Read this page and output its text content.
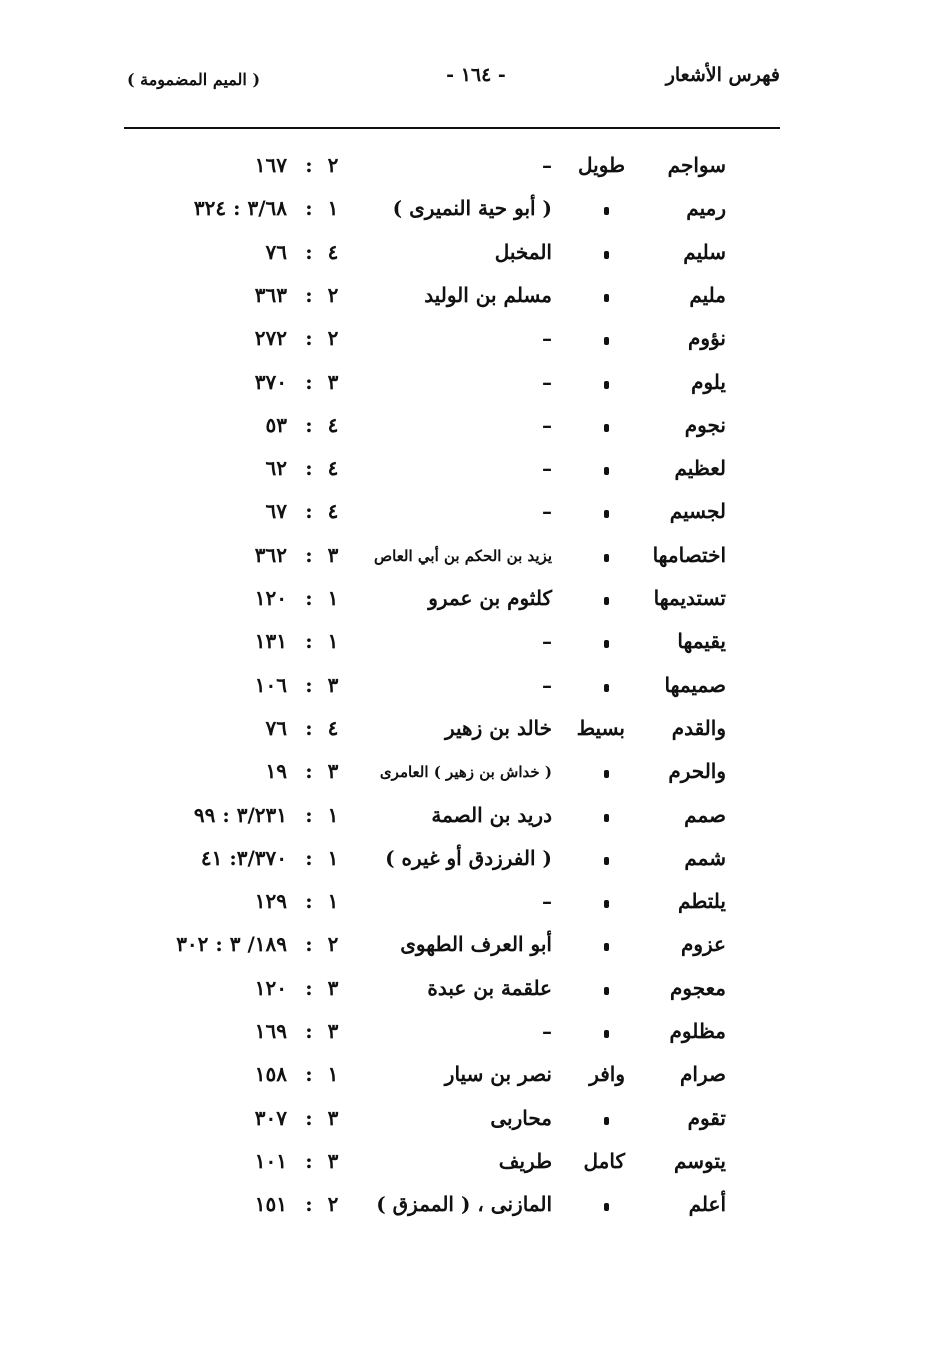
فهرس الأشعار
- ١٦٤ -
( الميم المضمومة )
سواجم
طويل
–
٢
:
١٦٧
رميم
( أبو حية النميرى )
١
:
٣/٦٨ : ٣٢٤
سليم
المخبل
٤
:
٧٦
مليم
مسلم بن الوليد
٢
:
٣٦٣
نؤوم
–
٢
:
٢٧٢
يلوم
–
٣
:
٣٧٠
نجوم
–
٤
:
٥٣
لعظيم
–
٤
:
٦٢
لجسيم
–
٤
:
٦٧
اختصامها
يزيد بن الحكم بن أبي العاص
٣
:
٣٦٢
تستديمها
كلثوم بن عمرو
١
:
١٢٠
يقيمها
–
١
:
١٣١
صميمها
–
٣
:
١٠٦
والقدم
بسيط
خالد بن زهير
٤
:
٧٦
والحرم
( خداش بن زهير ) العامرى
٣
:
١٩
صمم
دريد بن الصمة
١
:
٣/٢٣١ : ٩٩
شمم
( الفرزدق أو غيره )
١
:
٣/٣٧٠: ٤١
يلتطم
–
١
:
١٢٩
عزوم
أبو العرف الطهوى
٢
:
١٨٩/ ٣ : ٣٠٢
معجوم
علقمة بن عبدة
٣
:
١٢٠
مظلوم
–
٣
:
١٦٩
صرام
وافر
نصر بن سيار
١
:
١٥٨
تقوم
محاربى
٣
:
٣٠٧
يتوسم
كامل
طريف
٣
:
١٠١
أعلم
المازنى ، ( الممزق )
٢
:
١٥١
